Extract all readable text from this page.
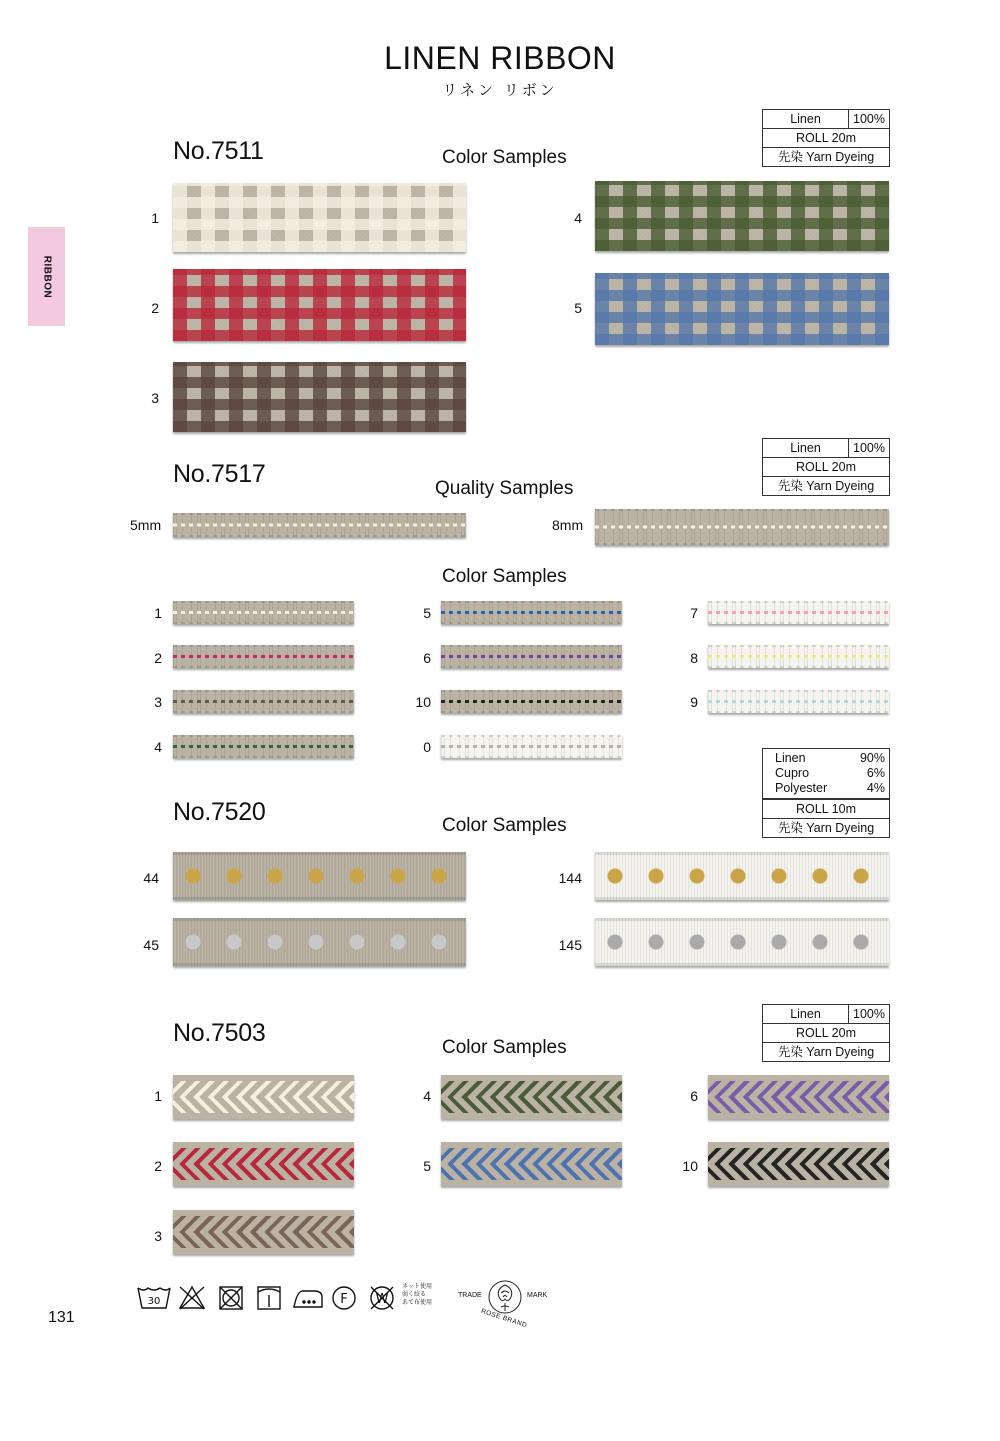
LINEN RIBBON
リネン リボン
RIBBON
No.7511	Color Samples
Linen	100%
ROLL 20m
先染 Yarn Dyeing
1
2
3
4
5
No.7517
Quality Samples
Linen	100%
ROLL 20m
先染 Yarn Dyeing
5mm	8mm
Color Samples
1
2
3
4
5
6
10
0
7
8
9
No.7520	Color Samples
Linen	90%
Cupro	6%
Polyester	4%
ROLL 10m
先染 Yarn Dyeing
44
45
144
145
No.7503
Color Samples
Linen	100%
ROLL 20m
先染 Yarn Dyeing
1
2
3
4
5
6
10
30	F W
ネット使用
弱く絞る
あて布使用
TRADE	MARK
ROSE BRAND
131
